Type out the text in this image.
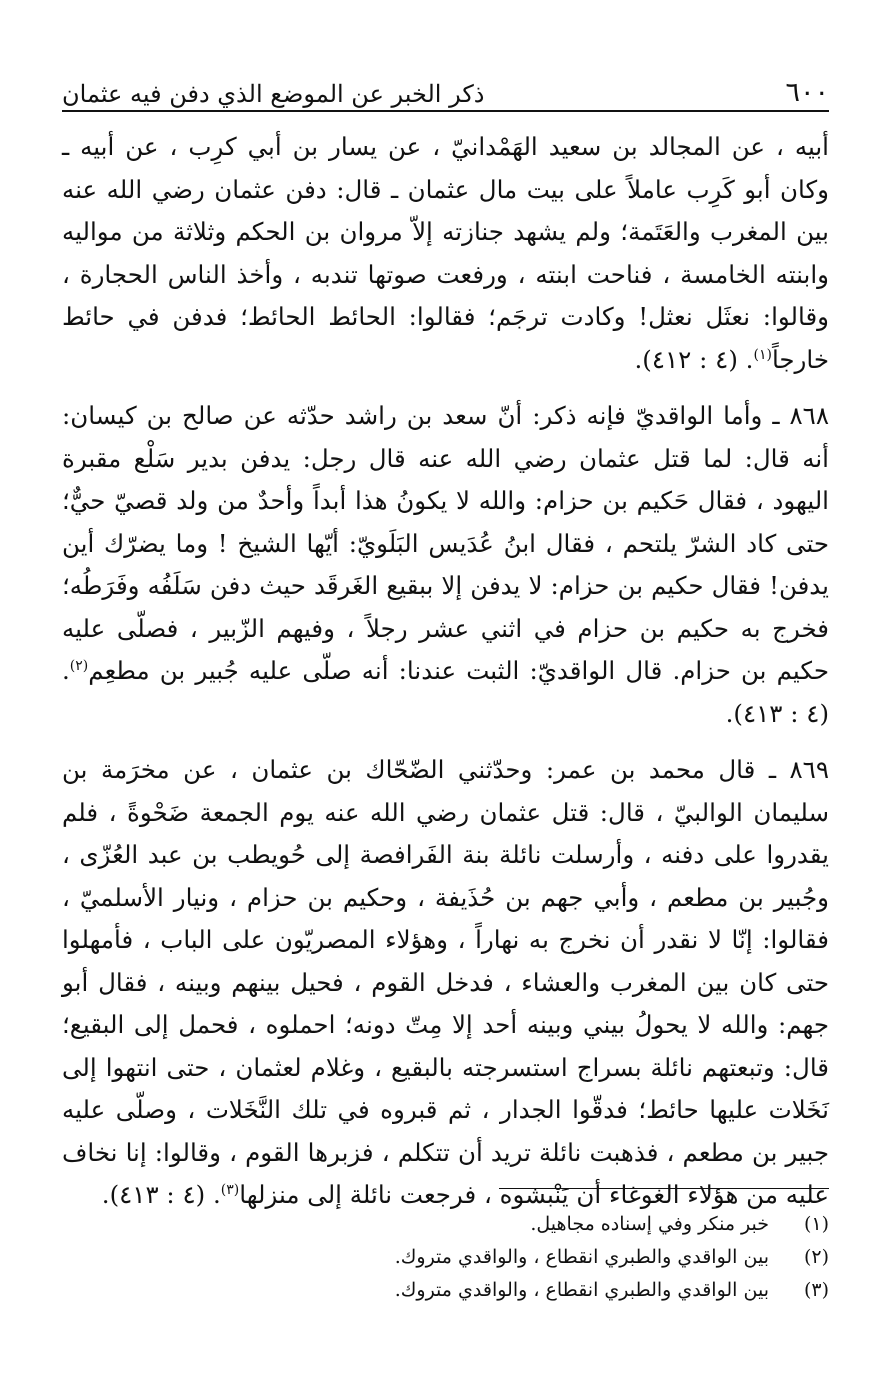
٦٠٠
ذكر الخبر عن الموضع الذي دفن فيه عثمان

أبيه ، عن المجالد بن سعيد الهَمْدانيّ ، عن يسار بن أبي كرِب ، عن أبيه ـ وكان أبو كَرِب عاملاً على بيت مال عثمان ـ قال: دفن عثمان رضي الله عنه بين المغرب والعَتَمة؛ ولم يشهد جنازته إلاّ مروان بن الحكم وثلاثة من مواليه وابنته الخامسة ، فناحت ابنته ، ورفعت صوتها تندبه ، وأخذ الناس الحجارة ، وقالوا: نعثَل نعثل! وكادت ترجَم؛ فقالوا: الحائط الحائط؛ فدفن في حائط خارجاً$^{(١)}$. (٤ : ٤١٢).

٨٦٨ ـ وأما الواقديّ فإنه ذكر: أنّ سعد بن راشد حدّثه عن صالح بن كيسان: أنه قال: لما قتل عثمان رضي الله عنه قال رجل: يدفن بدير سَلْع مقبرة اليهود ، فقال حَكيم بن حزام: والله لا يكونُ هذا أبداً وأحدٌ من ولد قصيّ حيٌّ؛ حتى كاد الشرّ يلتحم ، فقال ابنُ عُدَيس البَلَويّ: أيّها الشيخ ! وما يضرّك أين يدفن! فقال حكيم بن حزام: لا يدفن إلا ببقيع الغَرقَد حيث دفن سَلَفُه وفَرَطُه؛ فخرج به حكيم بن حزام في اثني عشر رجلاً ، وفيهم الزّبير ، فصلّى عليه حكيم بن حزام. قال الواقديّ: الثبت عندنا: أنه صلّى عليه جُبير بن مطعِم$^{(٢)}$. (٤ : ٤١٣).

٨٦٩ ـ قال محمد بن عمر: وحدّثني الضّحّاك بن عثمان ، عن مخرَمة بن سليمان الوالبيّ ، قال: قتل عثمان رضي الله عنه يوم الجمعة ضَحْوةً ، فلم يقدروا على دفنه ، وأرسلت نائلة بنة الفَرافصة إلى حُويطب بن عبد العُزّى ، وجُبير بن مطعم ، وأبي جهم بن حُذَيفة ، وحكيم بن حزام ، ونيار الأسلميّ ، فقالوا: إنّا لا نقدر أن نخرج به نهاراً ، وهؤلاء المصريّون على الباب ، فأمهلوا حتى كان بين المغرب والعشاء ، فدخل القوم ، فحيل بينهم وبينه ، فقال أبو جهم: والله لا يحولُ بيني وبينه أحد إلا مِتّ دونه؛ احملوه ، فحمل إلى البقيع؛ قال: وتبعتهم نائلة بسراج استسرجته بالبقيع ، وغلام لعثمان ، حتى انتهوا إلى نَخَلات عليها حائط؛ فدقّوا الجدار ، ثم قبروه في تلك النَّخَلات ، وصلّى عليه جبير بن مطعم ، فذهبت نائلة تريد أن تتكلم ، فزبرها القوم ، وقالوا: إنا نخاف عليه من هؤلاء الغوغاء أن يَنْبشوه ، فرجعت نائلة إلى منزلها$^{(٣)}$. (٤ : ٤١٣).

(١)
خبر منكر وفي إسناده مجاهيل.
(٢)
بين الواقدي والطبري انقطاع ، والواقدي متروك.
(٣)
بين الواقدي والطبري انقطاع ، والواقدي متروك.
